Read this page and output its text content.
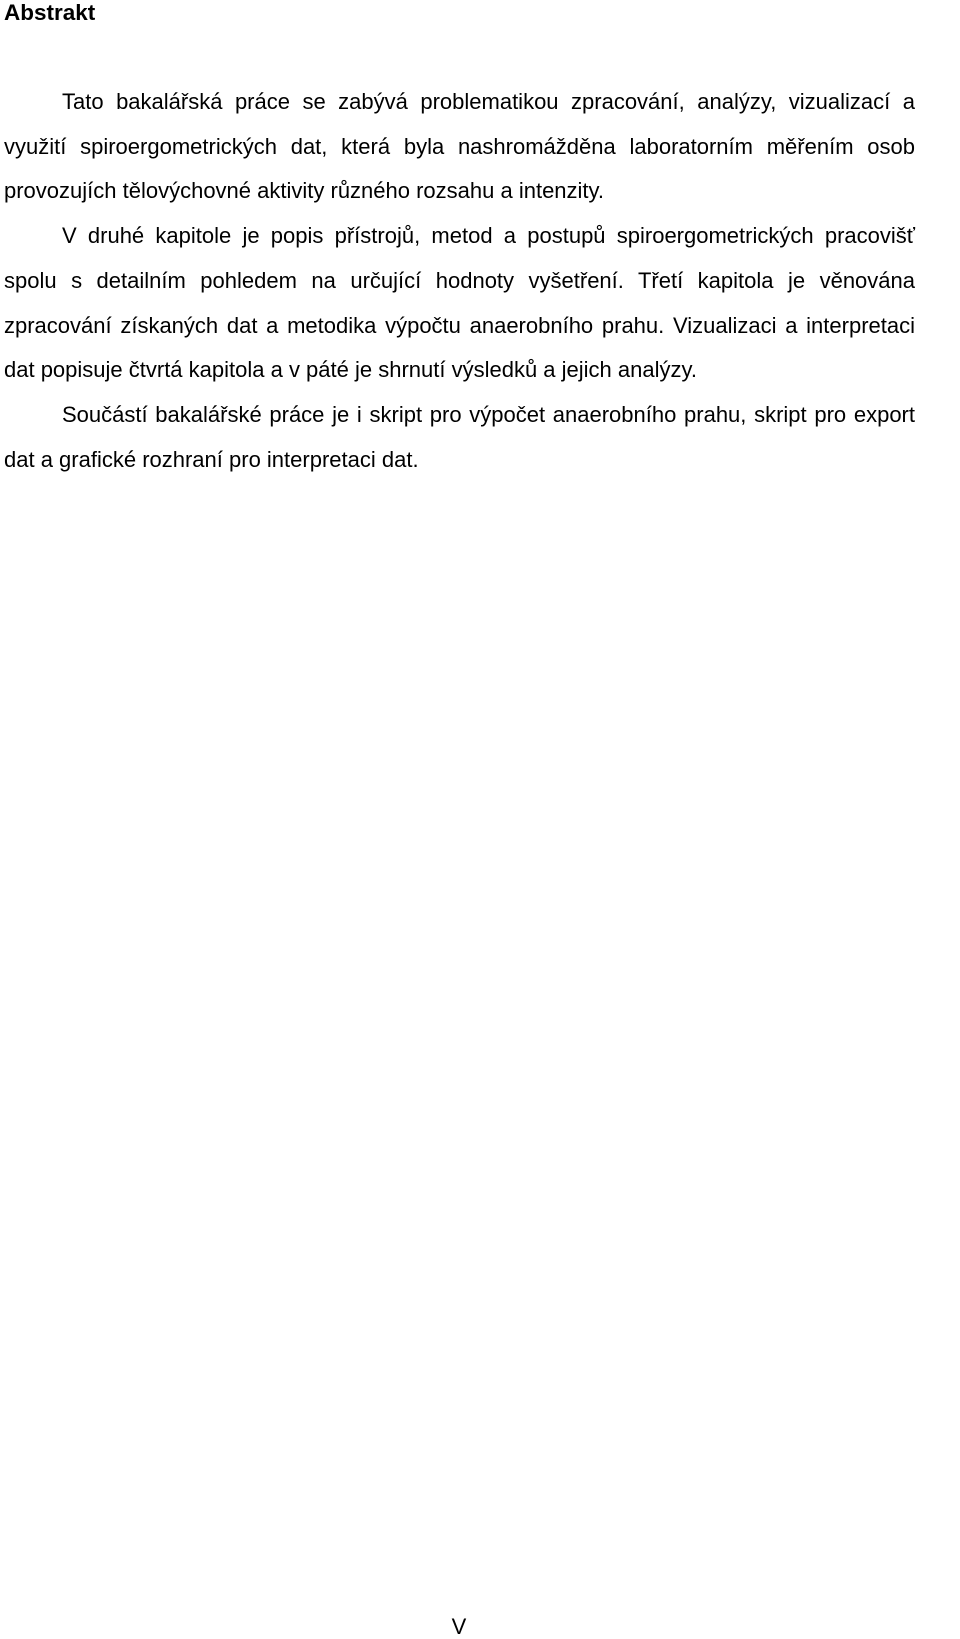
Abstrakt

Tato bakalářská práce se zabývá problematikou zpracování, analýzy, vizualizací a využití spiroergometrických dat, která byla nashromážděna laboratorním měřením osob provozujích tělovýchovné aktivity různého rozsahu a intenzity.

V druhé kapitole je popis přístrojů, metod a postupů spiroergometrických pracovišť spolu s detailním pohledem na určující hodnoty vyšetření. Třetí kapitola je věnována zpracování získaných dat a metodika výpočtu anaerobního prahu. Vizualizaci a interpretaci dat popisuje čtvrtá kapitola a v páté je shrnutí výsledků a jejich analýzy.

Součástí bakalářské práce je i skript pro výpočet anaerobního prahu, skript pro export dat a grafické rozhraní pro interpretaci dat.

V
